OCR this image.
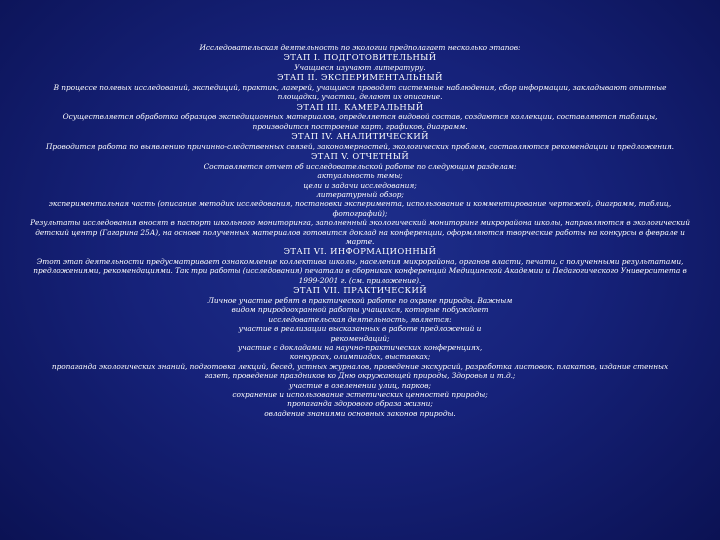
Исследовательская деятельность по экологии предполагает несколько этапов:

ЭТАП I. ПОДГОТОВИТЕЛЬНЫЙ

Учащиеся изучают литературу.

ЭТАП II. ЭКСПЕРИМЕНТАЛЬНЫЙ

В процессе полевых исследований, экспедиций, практик, лагерей, учащиеся проводят системные наблюдения, сбор информации, закладывают опытные

площадки, участки, делают их описание.

ЭТАП III. КАМЕРАЛЬНЫЙ

Осуществляется обработка образцов экспедиционных материалов, определяется видовой состав, создаются коллекции, составляются таблицы,

производится построение карт, графиков, диаграмм.

ЭТАП IV. АНАЛИТИЧЕСКИЙ

Проводится работа по выявлению причинно-следственных связей, закономерностей, экологических проблем, составляются рекомендации и предложения.

ЭТАП V. ОТЧЕТНЫЙ

Составляется отчет об исследовательской работе по следующим разделам:

актуальность темы;

цели и задачи исследования;

литературный обзор;

экспериментальная часть (описание методик исследования, постановки эксперимента, использование и комментирование чертежей, диаграмм, таблиц,

фотографий);

Результаты исследования вносят в паспорт школьного мониторинга, заполненный экологический мониторинг микрорайона школы, направляются в экологический

детский центр (Гагарина 25А), на основе полученных материалов готовится доклад на конференции, оформляются творческие работы на конкурсы в феврале и

марте.

ЭТАП VI. ИНФОРМАЦИОННЫЙ

Этот этап деятельности предусматривает ознакомление коллектива школы, населения микрорайона, органов власти, печати, с полученными результатами,

предложениями, рекомендациями. Так три работы (исследования) печатали в сборниках конференций Медицинской Академии и Педагогического Университета в

1999-2001 г. (см. приложение).

ЭТАП VII. ПРАКТИЧЕСКИЙ

Личное участие ребят в практической работе по охране природы. Важным

видом природоохранной работы учащихся, которые побуждает

исследовательская деятельность, является:

участие в реализации высказанных в работе предложений и

рекомендаций;

участие с докладами на научно-практических конференциях,

конкурсах, олимпиадах, выставках;

пропаганда экологических знаний, подготовка лекций, бесед, устных журналов, проведение экскурсий, разработка листовок, плакатов, издание стенных

газет, проведение праздников ко Дню окружающей природы, Здоровья и т.д.;

участие в озеленении улиц, парков;

сохранение и использование эстетических ценностей природы;

пропаганда здорового образа жизни;

овладение знаниями основных законов природы.
